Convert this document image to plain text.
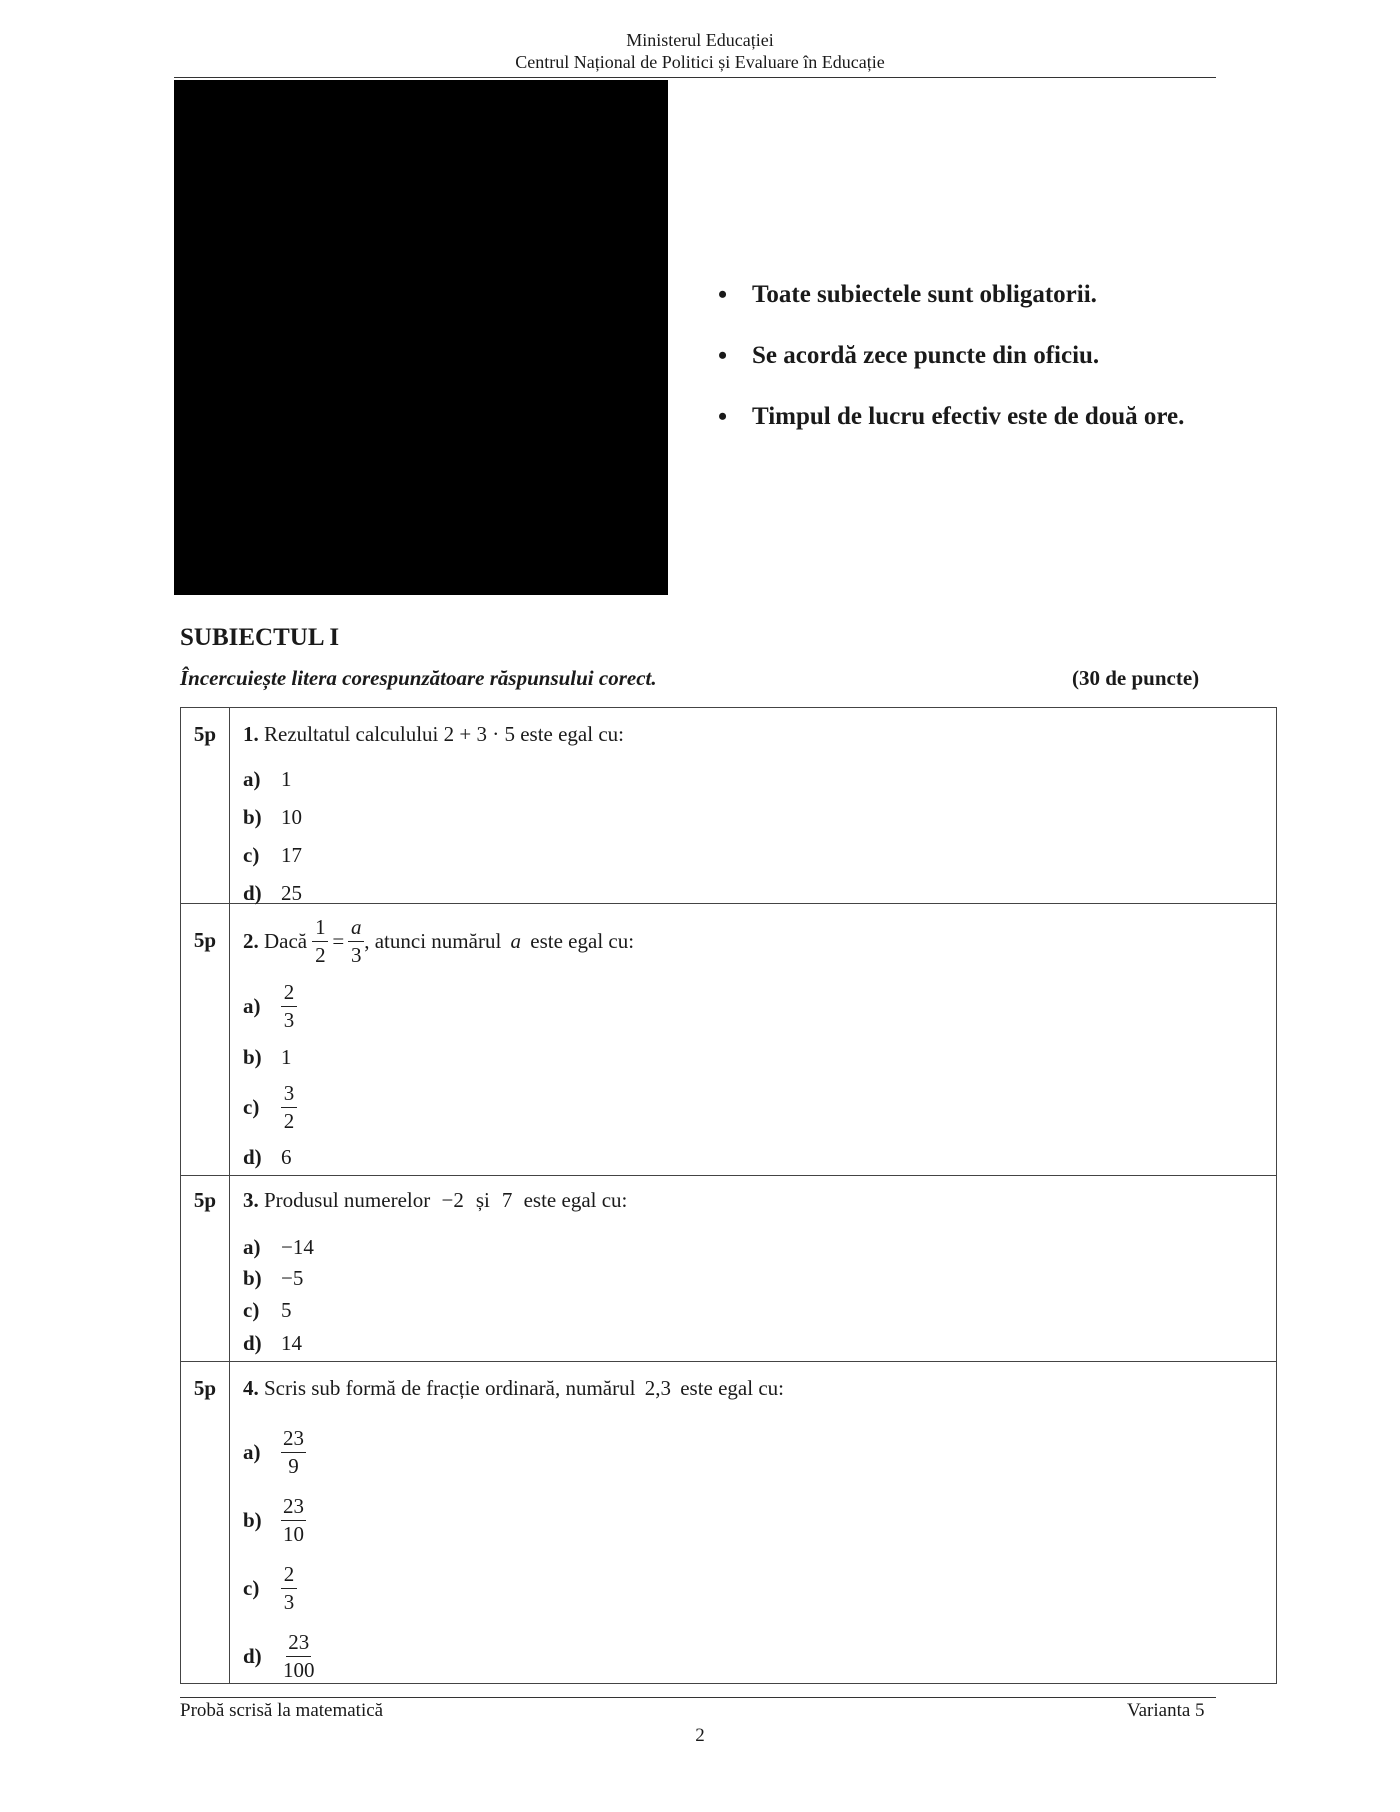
Ministerul Educației
Centrul Național de Politici și Evaluare în Educație
• Toate subiectele sunt obligatorii.
• Se acordă zece puncte din oficiu.
• Timpul de lucru efectiv este de două ore.
SUBIECTUL I
Încercuiește litera corespunzătoare răspunsului corect.	(30 de puncte)
5p	1. Rezultatul calculului 2 + 3 · 5 este egal cu:
a) 1
b) 10
c)	17
d) 25
5p	2. Dacă $\frac{1}{2} = \frac{a}{3}$ , atunci numărul a este egal cu:
$a) \frac{2}{3}$
b) 1
c)	$\frac{3}{2}$
d) 6
5p	3. Produsul numerelor −2 și 7 este egal cu:
a) −14
b) −5
c)	5
d) 14
5p	4. Scris sub formă de fracție ordinară, numărul 2,3 este egal cu:
$a) \frac{23}{9}$
$b) \frac{23}{10}$
c)	$\frac{2}{3}$
$d) \frac{23}{100}$
Probă scrisă la matematică	Varianta 5
2
